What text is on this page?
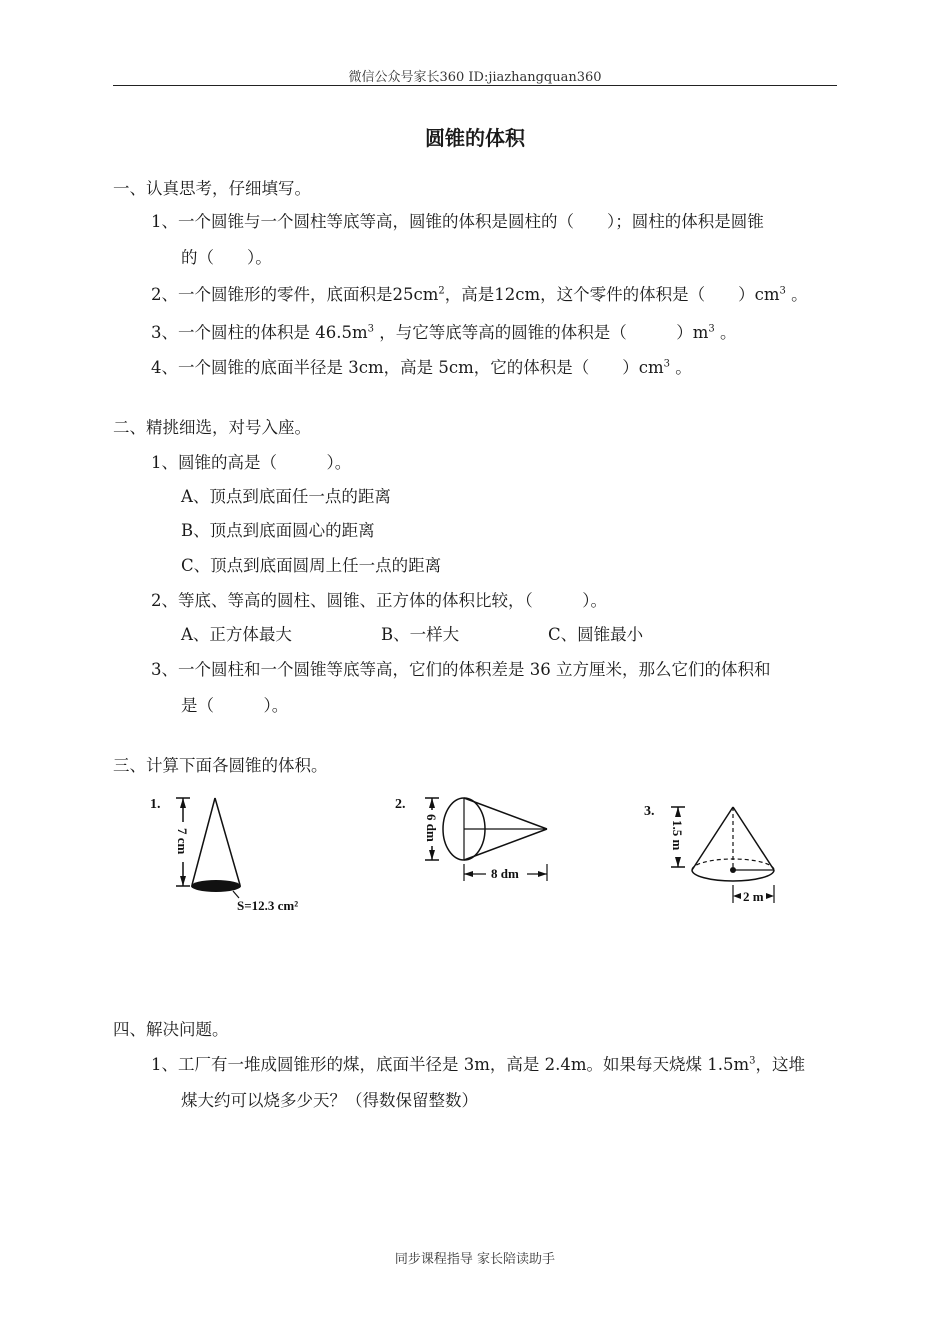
微信公众号家长360 ID:jiazhangquan360
圆锥的体积
一、认真思考，仔细填写。
1、一个圆锥与一个圆柱等底等高，圆锥的体积是圆柱的（　　）；圆柱的体积是圆锥
的（　　）。
2、一个圆锥形的零件，底面积是$25cm^2$，高是12cm，这个零件的体积是（　　）$cm^3$ 。
3、一个圆柱的体积是 $46.5m^3$ ，与它等底等高的圆锥的体积是（　　　）$m^3$ 。
4、一个圆锥的底面半径是 3cm，高是 5cm，它的体积是（　　）$cm^3$ 。
二、精挑细选，对号入座。
1、圆锥的高是（　　　）。
A、顶点到底面任一点的距离
B、顶点到底面圆心的距离
C、顶点到底面圆周上任一点的距离
2、等底、等高的圆柱、圆锥、正方体的体积比较，（　　　）。
A、正方体最大	B、一样大	C、圆锥最小
3、一个圆柱和一个圆锥等底等高，它们的体积差是 36 立方厘米，那么它们的体积和
是（　　　）。
三、计算下面各圆锥的体积。
1.
7 cm
S=12.3 cm²
2.
6 dm
8 dm
3.
1.5 m
2 m
四、解决问题。
1、工厂有一堆成圆锥形的煤，底面半径是 3m，高是 2.4m。如果每天烧煤 $1.5m^3$，这堆
煤大约可以烧多少天？（得数保留整数）
同步课程指导 家长陪读助手
